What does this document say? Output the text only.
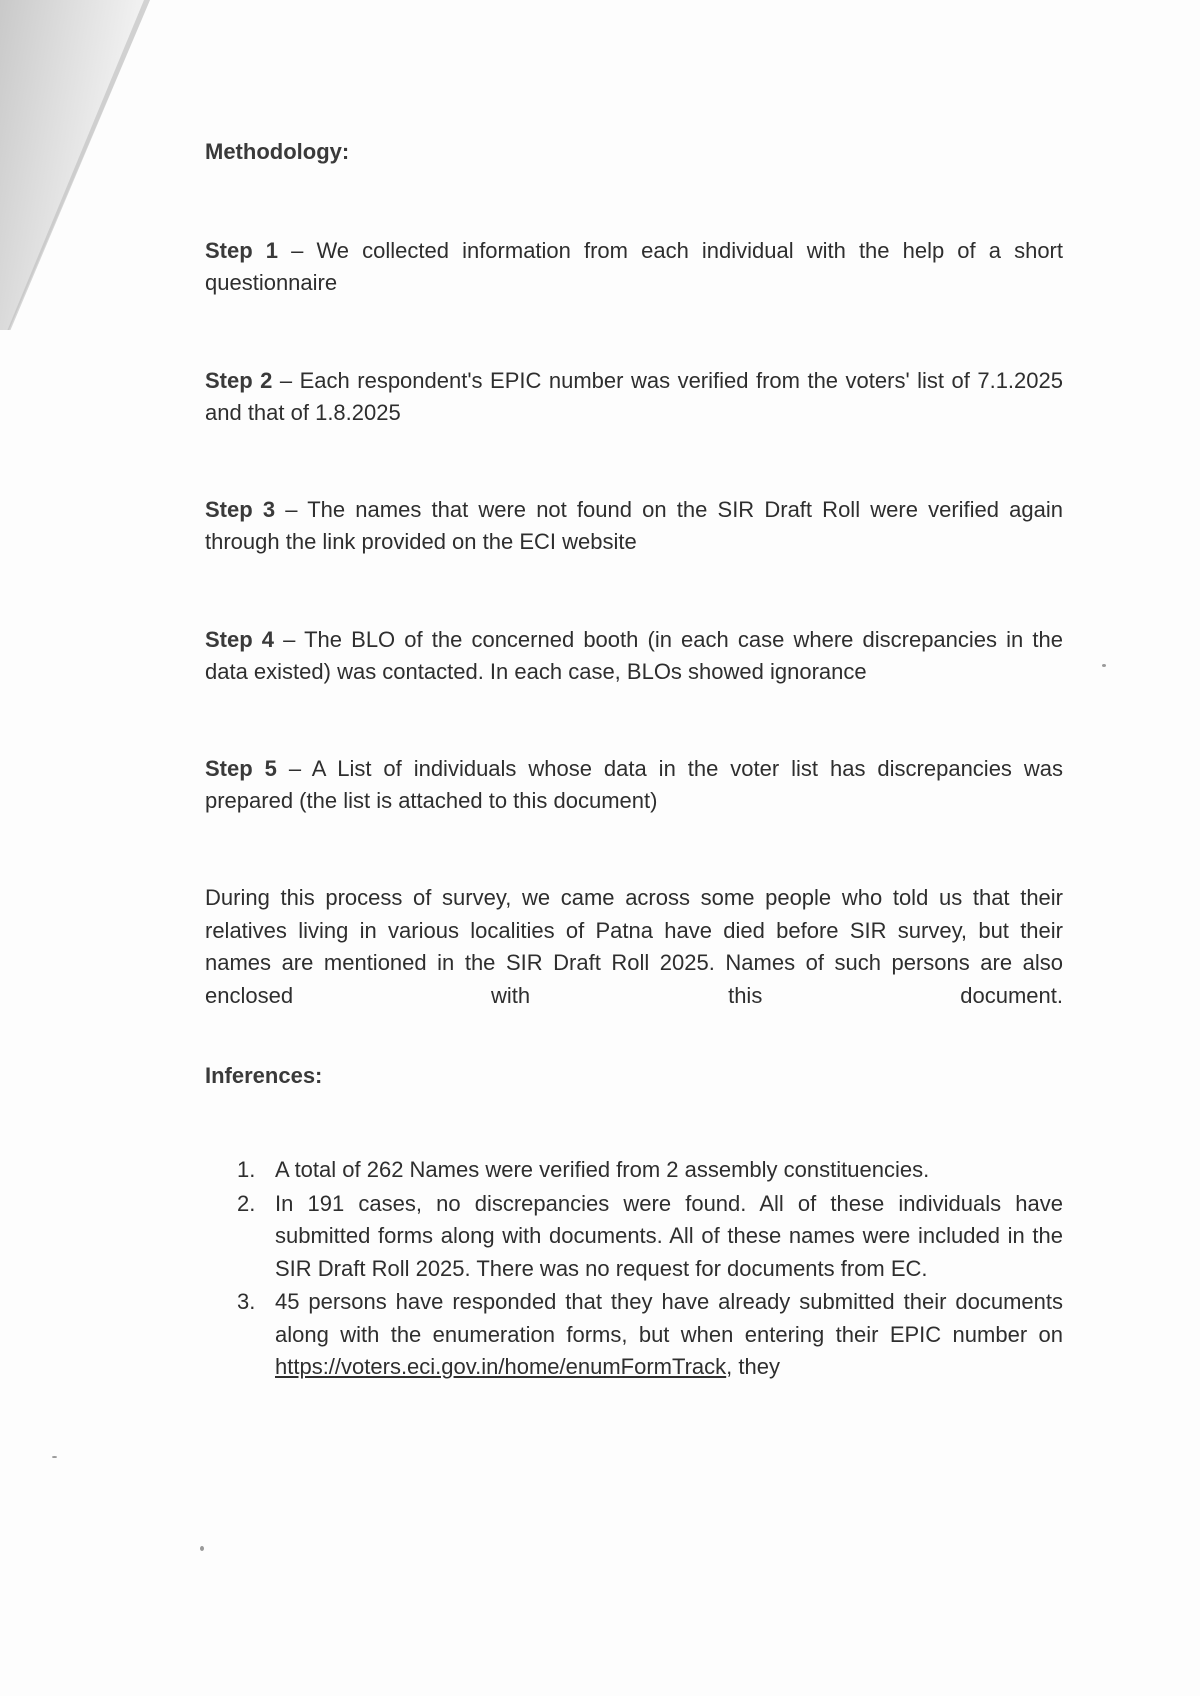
Methodology:
Step 1 – We collected information from each individual with the help of a short questionnaire
Step 2 – Each respondent's EPIC number was verified from the voters' list of 7.1.2025 and that of 1.8.2025
Step 3 – The names that were not found on the SIR Draft Roll were verified again through the link provided on the ECI website
Step 4 – The BLO of the concerned booth (in each case where discrepancies in the data existed) was contacted. In each case, BLOs showed ignorance
Step 5 – A List of individuals whose data in the voter list has discrepancies was prepared (the list is attached to this document)
During this process of survey, we came across some people who told us that their relatives living in various localities of Patna have died before SIR survey, but their names are mentioned in the SIR Draft Roll 2025. Names of such persons are also enclosed with this document.
Inferences:
1. A total of 262 Names were verified from 2 assembly constituencies.
2. In 191 cases, no discrepancies were found. All of these individuals have submitted forms along with documents. All of these names were included in the SIR Draft Roll 2025. There was no request for documents from EC.
3. 45 persons have responded that they have already submitted their documents along with the enumeration forms, but when entering their EPIC number on https://voters.eci.gov.in/home/enumFormTrack, they
